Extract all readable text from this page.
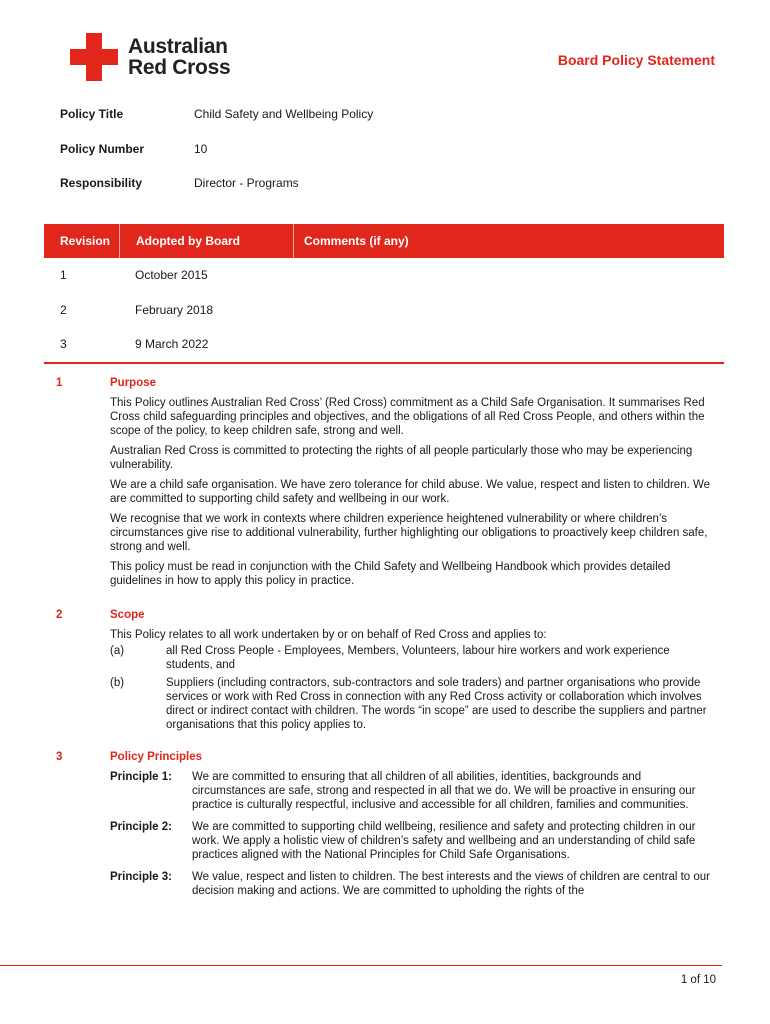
Australian
Red Cross	Board Policy Statement
Policy Title	Child Safety and Wellbeing Policy
Policy Number	10
Responsibility	Director - Programs
Revision	Adopted by Board	Comments (if any)
1	October 2015
2	February 2018
3	9 March 2022
1	Purpose

This Policy outlines Australian Red Cross’ (Red Cross) commitment as a Child Safe Organisation. It summarises Red Cross child safeguarding principles and objectives, and the obligations of all Red Cross People, and others within the scope of the policy, to keep children safe, strong and well.

Australian Red Cross is committed to protecting the rights of all people particularly those who may be experiencing vulnerability.

We are a child safe organisation. We have zero tolerance for child abuse. We value, respect and listen to children. We are committed to supporting child safety and wellbeing in our work.

We recognise that we work in contexts where children experience heightened vulnerability or where children’s circumstances give rise to additional vulnerability, further highlighting our obligations to proactively keep children safe, strong and well.

This policy must be read in conjunction with the Child Safety and Wellbeing Handbook which provides detailed guidelines in how to apply this policy in practice.

2	Scope

This Policy relates to all work undertaken by or on behalf of Red Cross and applies to:

(a)	all Red Cross People - Employees, Members, Volunteers, labour hire workers and work experience students, and
(b)	Suppliers (including contractors, sub-contractors and sole traders) and partner organisations who provide services or work with Red Cross in connection with any Red Cross activity or collaboration which involves direct or indirect contact with children. The words “in scope” are used to describe the suppliers and partner organisations that this policy applies to.
3	Policy Principles
Principle 1:	We are committed to ensuring that all children of all abilities, identities, backgrounds and circumstances are safe, strong and respected in all that we do. We will be proactive in ensuring our practice is culturally respectful, inclusive and accessible for all children, families and communities.
Principle 2:	We are committed to supporting child wellbeing, resilience and safety and protecting children in our work. We apply a holistic view of children’s safety and wellbeing and an understanding of child safe practices aligned with the National Principles for Child Safe Organisations.
Principle 3:	We value, respect and listen to children. The best interests and the views of children are central to our decision making and actions. We are committed to upholding the rights of the
1 of 10
